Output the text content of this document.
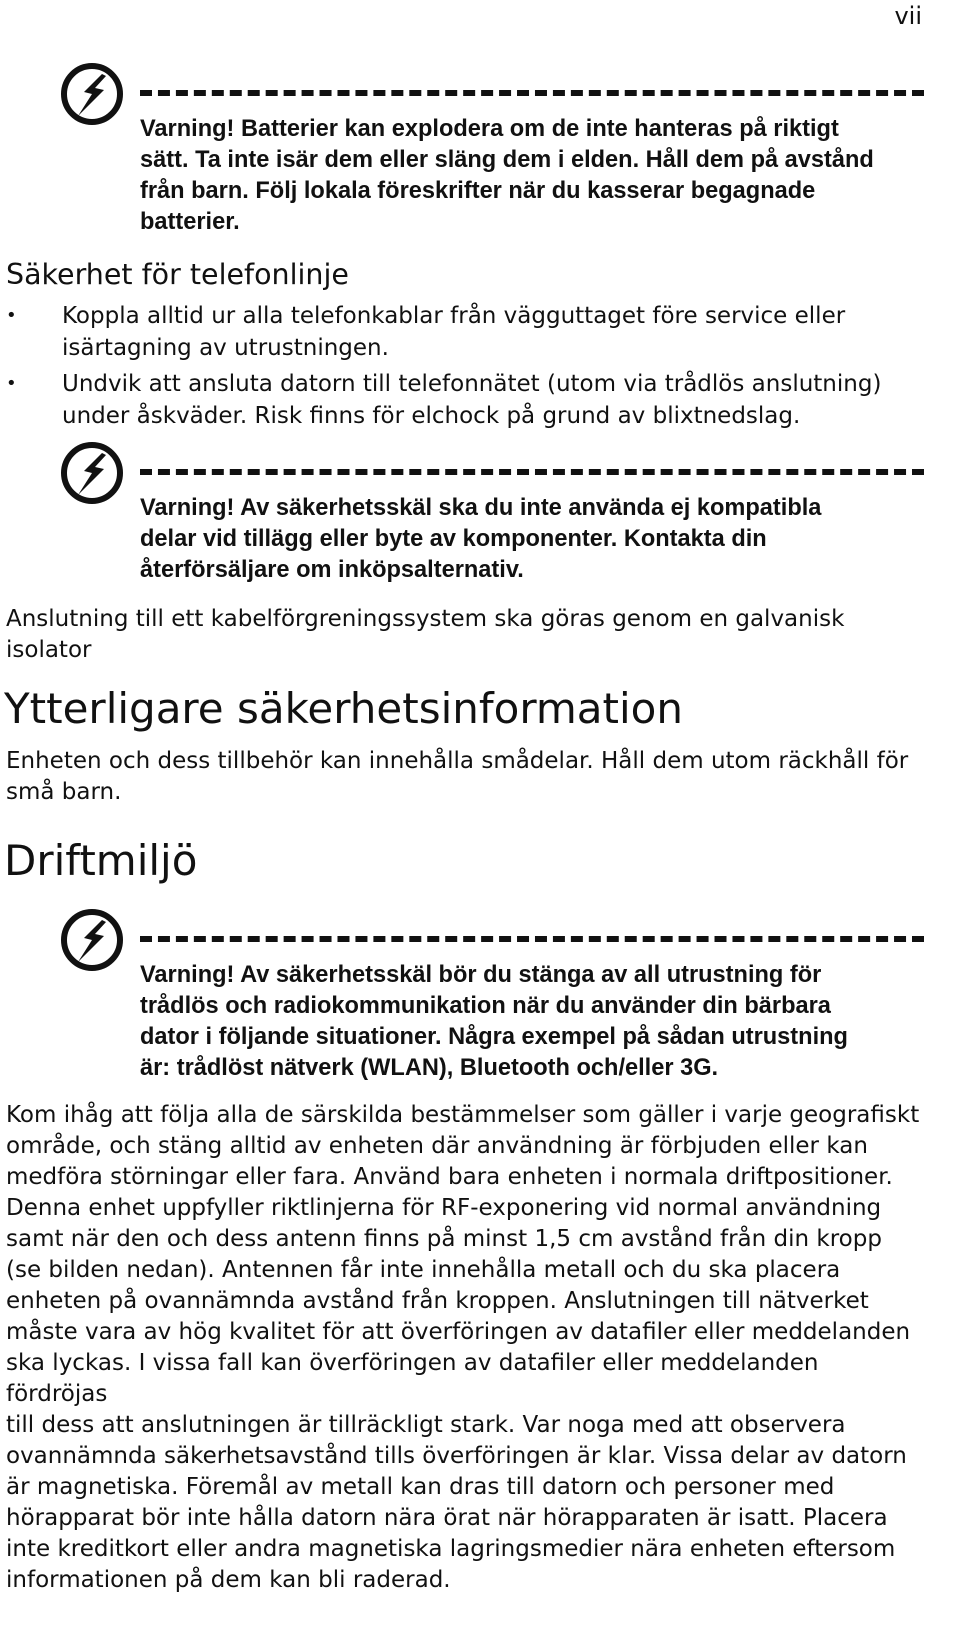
vii

Varning! Batterier kan explodera om de inte hanteras på riktigt
sätt. Ta inte isär dem eller släng dem i elden. Håll dem på avstånd
från barn. Följ lokala föreskrifter när du kasserar begagnade
batterier.

Säkerhet för telefonlinje
• Koppla alltid ur alla telefonkablar från vägguttaget före service eller
isärtagning av utrustningen.
• Undvik att ansluta datorn till telefonnätet (utom via trådlös anslutning)
under åskväder. Risk finns för elchock på grund av blixtnedslag.

Varning! Av säkerhetsskäl ska du inte använda ej kompatibla
delar vid tillägg eller byte av komponenter. Kontakta din
återförsäljare om inköpsalternativ.

Anslutning till ett kabelförgreningssystem ska göras genom en galvanisk
isolator

Ytterligare säkerhetsinformation

Enheten och dess tillbehör kan innehålla smådelar. Håll dem utom räckhåll för
små barn.

Driftmiljö

Varning! Av säkerhetsskäl bör du stänga av all utrustning för
trådlös och radiokommunikation när du använder din bärbara
dator i följande situationer. Några exempel på sådan utrustning
är: trådlöst nätverk (WLAN), Bluetooth och/eller 3G.

Kom ihåg att följa alla de särskilda bestämmelser som gäller i varje geografiskt
område, och stäng alltid av enheten där användning är förbjuden eller kan
medföra störningar eller fara. Använd bara enheten i normala driftpositioner.
Denna enhet uppfyller riktlinjerna för RF-exponering vid normal användning
samt när den och dess antenn finns på minst 1,5 cm avstånd från din kropp
(se bilden nedan). Antennen får inte innehålla metall och du ska placera
enheten på ovannämnda avstånd från kroppen. Anslutningen till nätverket
måste vara av hög kvalitet för att överföringen av datafiler eller meddelanden
ska lyckas. I vissa fall kan överföringen av datafiler eller meddelanden fördröjas
till dess att anslutningen är tillräckligt stark. Var noga med att observera
ovannämnda säkerhetsavstånd tills överföringen är klar. Vissa delar av datorn
är magnetiska. Föremål av metall kan dras till datorn och personer med
hörapparat bör inte hålla datorn nära örat när hörapparaten är isatt. Placera
inte kreditkort eller andra magnetiska lagringsmedier nära enheten eftersom
informationen på dem kan bli raderad.
